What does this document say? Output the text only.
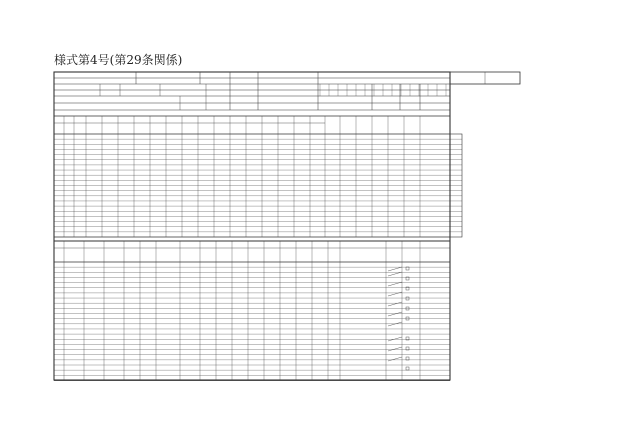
様式第4号(第29条関係)
